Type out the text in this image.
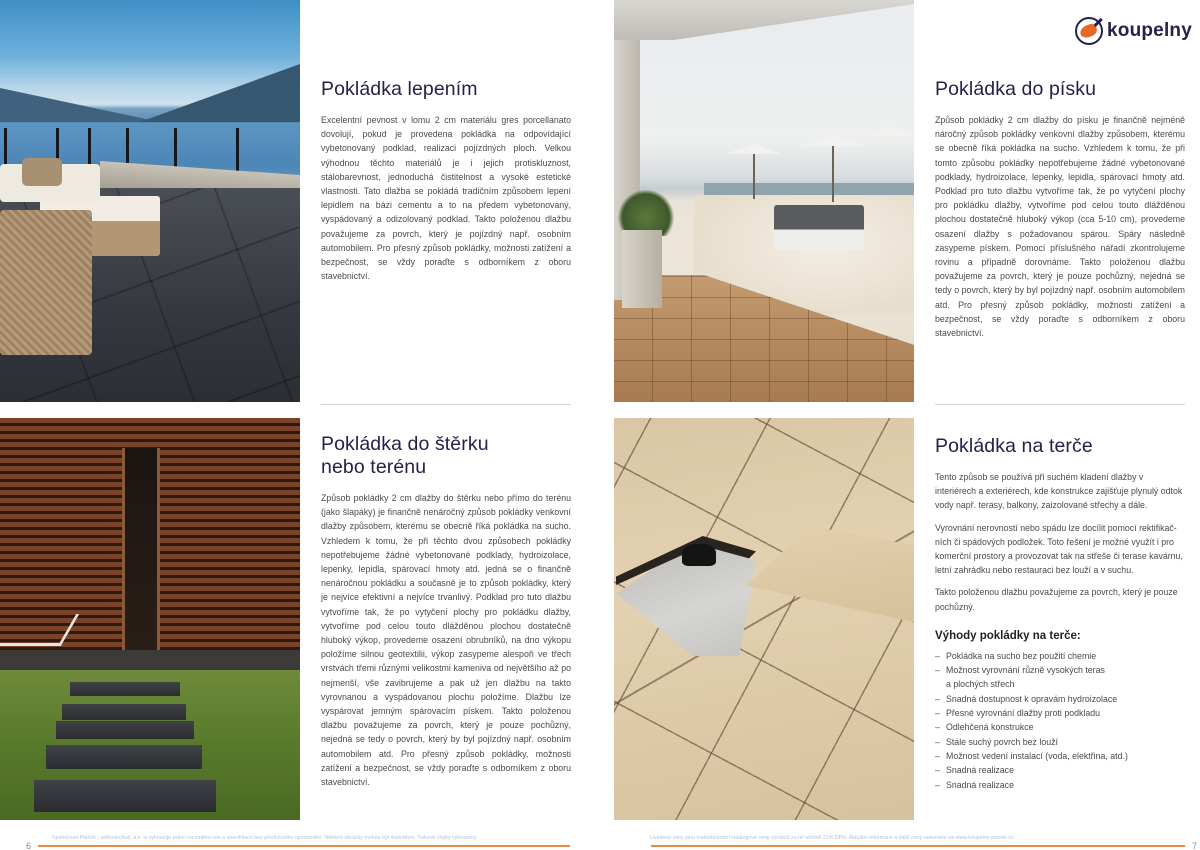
Pokládka lepením

Excelentní pevnost v lomu 2 cm materiálu gres porcellanato dovolují, pokud je provedena pokládka na odpovídající vybetonovaný podklad, realizaci pojízdných ploch. Velkou výhodnou těchto materiálů je i jejich protiskluznost, stálobarevnost, jednoduchá čistitelnost a vysoké estetické vlastnosti. Tato dlažba se pokládá tradičním způsobem lepení lepidlem na bázi cementu a to na předem vybetonovaný, vyspádovaný a odizolovaný podklad. Takto položenou dlažbu považujeme za povrch, který je pojízdný např. osobním automobilem. Pro přesný způsob pokládky, možnosti zatížení a bezpečnost, se vždy poraďte s odborníkem z oboru stavebnictví.

Pokládka do štěrku
nebo terénu

Způsob pokládky 2 cm dlažby do štěrku nebo přímo do terénu (jako šlapáky) je finančně nenáročný způsob pokládky venkovní dlažby způsobem, kterému se obecně říká pokládka na sucho. Vzhledem k tomu, že při těchto dvou způsobech pokládky nepotřebujeme žádné vybetonované podklady, hydroizolace, lepenky, lepidla, spárovací hmoty atd. jedná se o finančně nenáročnou pokládku a současně je to způsob pokládky, který je nejvíce efektivní a nejvíce trvanlivý. Podklad pro tuto dlažbu vytvoříme tak, že po vytyčení plochy pro pokládku dlažby, vytvoříme pod celou touto dlážděnou plochou dostatečně hluboký výkop, provedeme osazení obrubníků, na dno výkopu položíme silnou geotextilii, výkop zasypeme alespoň ve třech vrstvách třemi různými velikostmi kameniva od největšího až po nejmenší, vše zavibrujeme a pak už jen dlažbu na takto vyrovnanou a vyspádovanou plochu položíme. Dlažbu lze vyspárovat jemným spárovacím pískem. Takto položenou dlažbu považujeme za povrch, který je pouze pochůzný, nejedná se tedy o povrch, který by byl pojízdný např. osobním automobilem atd. Pro přesný způsob pokládky, možnosti zatížení a bezpečnost, se vždy poraďte s odborníkem z oboru stavebnictví.

Společnost Ptáček - velkoobchod, a.s. si vyhrazuje právo na změnu cen a specifikace bez předchozího upozornění. Některé obrázky mohou být ilustrativní. Tiskové chyby vyhrazeny.
6
koupelny
Pokládka do písku

Způsob pokládky 2 cm dlažby do písku je finančně nejméně náročný způsob pokládky venkovní dlažby způsobem, kterému se obecně říká pokládka na sucho. Vzhledem k tomu, že při tomto způsobu pokládky nepotřebujeme žádné vybetonované podklady, hydroizolace, lepenky, lepidla, spárovací hmoty atd. Podklad pro tuto dlažbu vytvoříme tak, že po vytyčení plochy pro pokládku dlažby, vytvoříme pod celou touto dlážděnou plochou dostatečně hluboký výkop (cca 5-10 cm), provedeme osazení dlažby s požadovanou spárou. Spáry následně zasypeme pískem. Pomocí příslušného nářadí zkontrolujeme rovinu a případně dorovnáme. Takto položenou dlažbu považujeme za povrch, který je pouze pochůzný, nejedná se tedy o povrch, který by byl pojízdný např. osobním automobilem atd. Pro přesný způsob pokládky, možnosti zatížení a bezpečnost, se vždy poraďte s odborníkem z oboru stavebnictví.

Pokládka na terče

Tento způsob se používá při suchém kladení dlažby v interiérech a exteriérech, kde konstrukce zajišťuje plynulý odtok vody např. terasy, balkony, zaizolované střechy a dále.

Vyrovnání nerovností nebo spádu lze docílit pomocí rektifikač-ních či spádových podložek. Toto řešení je možné využít i pro komerční prostory a provozovat tak na střeše či terase kavárnu, letní zahrádku nebo restauraci bez louží a v suchu.

Takto položenou dlažbu považujeme za povrch, který je pouze pochůzný.

Výhody pokládky na terče:
– Pokládka na sucho bez použití chemie
– Možnost vyrovnání různě vysokých teras
a plochých střech
– Snadná dostupnost k opravám hydroizolace
– Přesné vyrovnání dlažby proti podkladu
– Odlehčená konstrukce
– Stále suchý povrch bez louží
– Možnost vedení instalací (voda, elektřina, atd.)
– Snadná realizace
– Snadná realizace
Uvedené ceny jsou maloobchodní katalogové ceny výrobců za m² včetně 21% DPH. Aktuální informace a další ceny naleznete na www.koupelny-ptacek.cz
7
